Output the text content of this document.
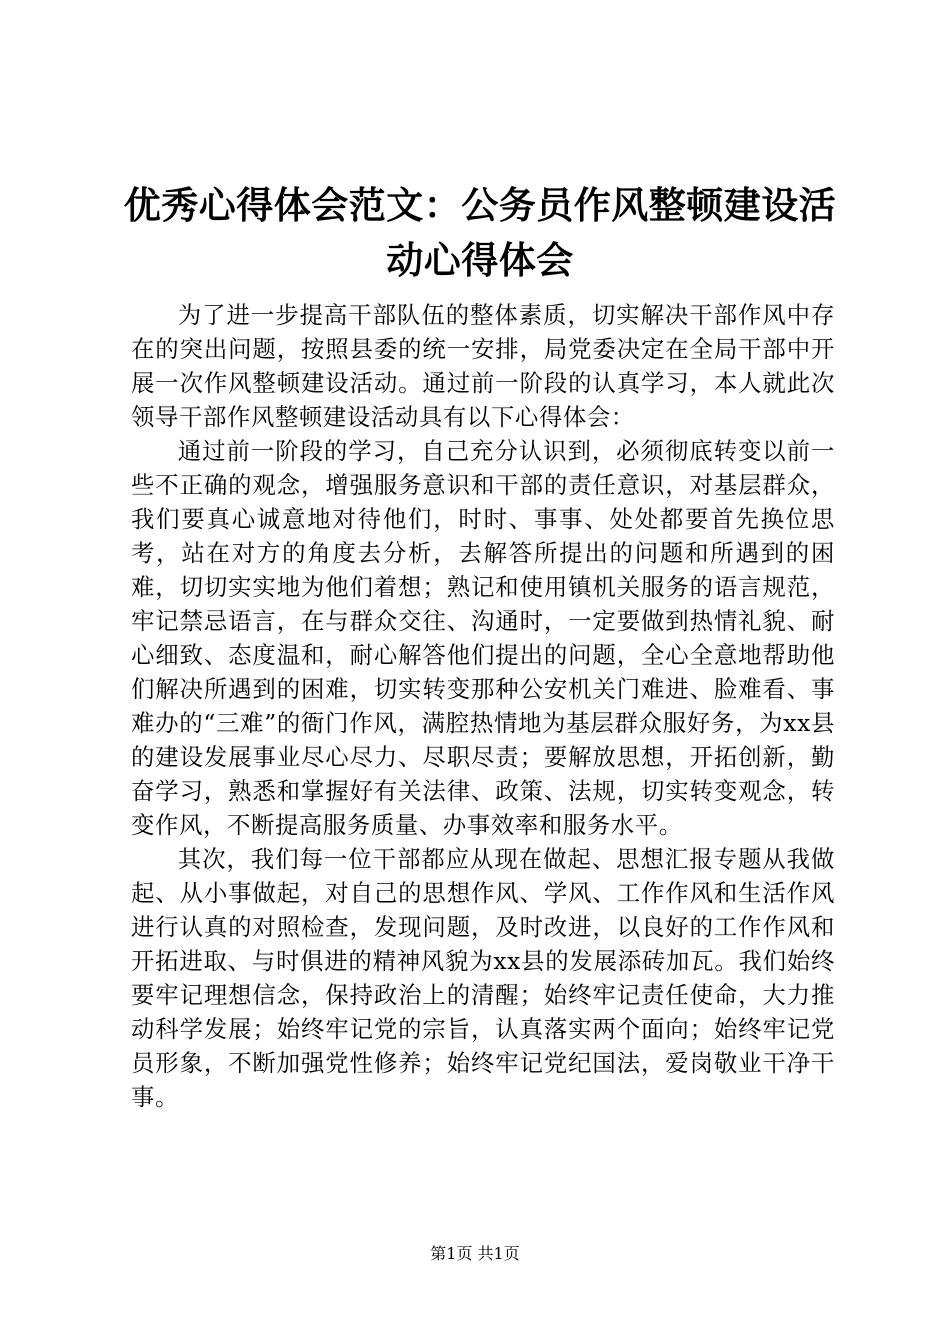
优秀心得体会范文：公务员作风整顿建设活动心得体会

为了进一步提高干部队伍的整体素质，切实解决干部作风中存在的突出问题，按照县委的统一安排，局党委决定在全局干部中开展一次作风整顿建设活动。通过前一阶段的认真学习，本人就此次领导干部作风整顿建设活动具有以下心得体会：

通过前一阶段的学习，自己充分认识到，必须彻底转变以前一些不正确的观念，增强服务意识和干部的责任意识，对基层群众，我们要真心诚意地对待他们，时时、事事、处处都要首先换位思考，站在对方的角度去分析，去解答所提出的问题和所遇到的困难，切切实实地为他们着想；熟记和使用镇机关服务的语言规范，牢记禁忌语言，在与群众交往、沟通时，一定要做到热情礼貌、耐心细致、态度温和，耐心解答他们提出的问题，全心全意地帮助他们解决所遇到的困难，切实转变那种公安机关门难进、脸难看、事难办的“三难”的衙门作风，满腔热情地为基层群众服好务，为xx县的建设发展事业尽心尽力、尽职尽责；要解放思想，开拓创新，勤奋学习，熟悉和掌握好有关法律、政策、法规，切实转变观念，转变作风，不断提高服务质量、办事效率和服务水平。

其次，我们每一位干部都应从现在做起、思想汇报专题从我做起、从小事做起，对自己的思想作风、学风、工作作风和生活作风进行认真的对照检查，发现问题，及时改进，以良好的工作作风和开拓进取、与时俱进的精神风貌为xx县的发展添砖加瓦。我们始终要牢记理想信念，保持政治上的清醒；始终牢记责任使命，大力推动科学发展；始终牢记党的宗旨，认真落实两个面向；始终牢记党员形象，不断加强党性修养；始终牢记党纪国法，爱岗敬业干净干事。

第1页 共1页
